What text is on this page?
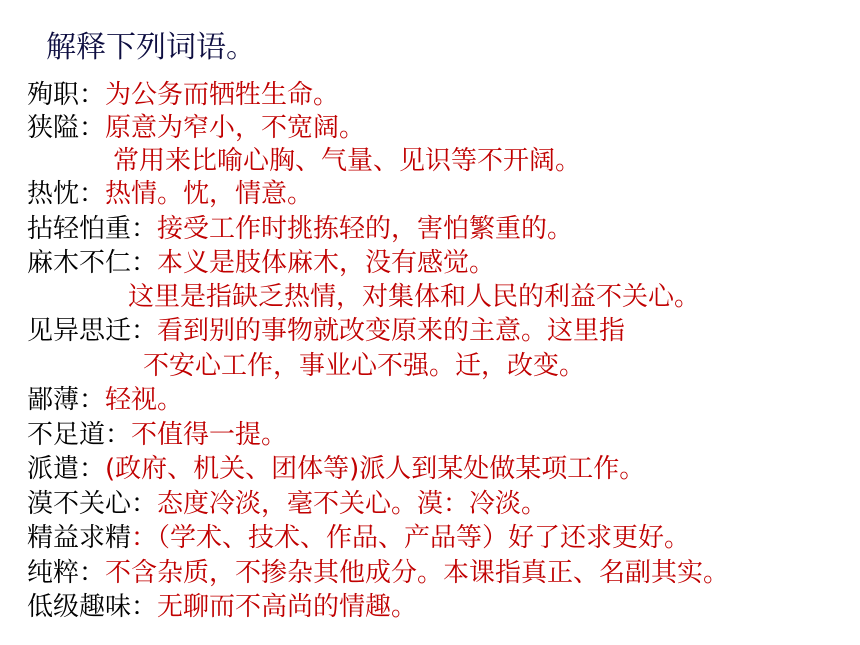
解释下列词语。
殉职：为公务而牺牲生命。
狭隘：原意为窄小，不宽阔。
常用来比喻心胸、气量、见识等不开阔。
热忱：热情。忱，情意。
拈轻怕重：接受工作时挑拣轻的，害怕繁重的。
麻木不仁：本义是肢体麻木，没有感觉。
这里是指缺乏热情，对集体和人民的利益不关心。
见异思迁：看到别的事物就改变原来的主意。这里指
不安心工作，事业心不强。迁，改变。
鄙薄：轻视。
不足道：不值得一提。
派遣：(政府、机关、团体等)派人到某处做某项工作。
漠不关心：态度冷淡，毫不关心。漠：冷淡。
精益求精：（学术、技术、作品、产品等）好了还求更好。
纯粹：不含杂质，不掺杂其他成分。本课指真正、名副其实。
低级趣味：无聊而不高尚的情趣。
